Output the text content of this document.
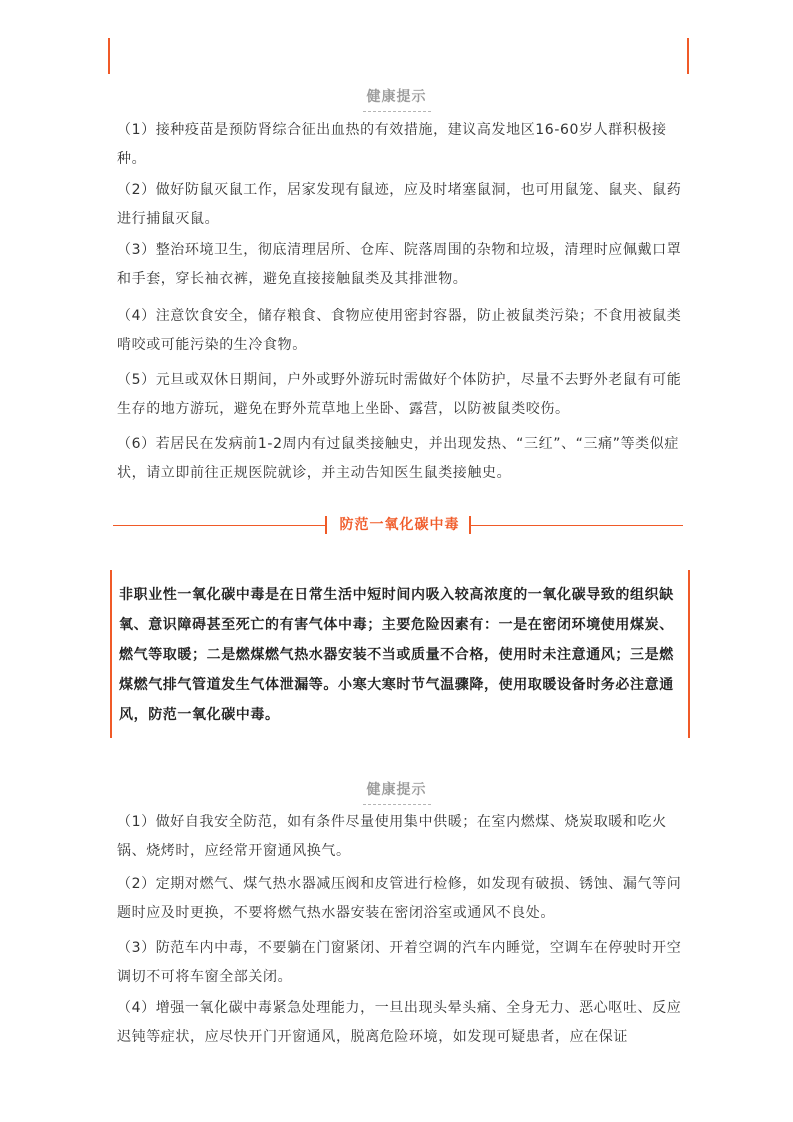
健康提示

（1）接种疫苗是预防肾综合征出血热的有效措施，建议高发地区16-60岁人群积极接种。

（2）做好防鼠灭鼠工作，居家发现有鼠迹，应及时堵塞鼠洞，也可用鼠笼、鼠夹、鼠药进行捕鼠灭鼠。

（3）整治环境卫生，彻底清理居所、仓库、院落周围的杂物和垃圾，清理时应佩戴口罩和手套，穿长袖衣裤，避免直接接触鼠类及其排泄物。

（4）注意饮食安全，储存粮食、食物应使用密封容器，防止被鼠类污染；不食用被鼠类啃咬或可能污染的生冷食物。

（5）元旦或双休日期间，户外或野外游玩时需做好个体防护，尽量不去野外老鼠有可能生存的地方游玩，避免在野外荒草地上坐卧、露营，以防被鼠类咬伤。

（6）若居民在发病前1-2周内有过鼠类接触史，并出现发热、“三红”、“三痛”等类似症状，请立即前往正规医院就诊，并主动告知医生鼠类接触史。

防范一氧化碳中毒

非职业性一氧化碳中毒是在日常生活中短时间内吸入较高浓度的一氧化碳导致的组织缺氧、意识障碍甚至死亡的有害气体中毒；主要危险因素有：一是在密闭环境使用煤炭、燃气等取暖；二是燃煤燃气热水器安装不当或质量不合格，使用时未注意通风；三是燃煤燃气排气管道发生气体泄漏等。小寒大寒时节气温骤降，使用取暖设备时务必注意通风，防范一氧化碳中毒。

健康提示

（1）做好自我安全防范，如有条件尽量使用集中供暖；在室内燃煤、烧炭取暖和吃火锅、烧烤时，应经常开窗通风换气。

（2）定期对燃气、煤气热水器减压阀和皮管进行检修，如发现有破损、锈蚀、漏气等问题时应及时更换，不要将燃气热水器安装在密闭浴室或通风不良处。

（3）防范车内中毒，不要躺在门窗紧闭、开着空调的汽车内睡觉，空调车在停驶时开空调切不可将车窗全部关闭。

（4）增强一氧化碳中毒紧急处理能力，一旦出现头晕头痛、全身无力、恶心呕吐、反应迟钝等症状，应尽快开门开窗通风，脱离危险环境，如发现可疑患者，应在保证
